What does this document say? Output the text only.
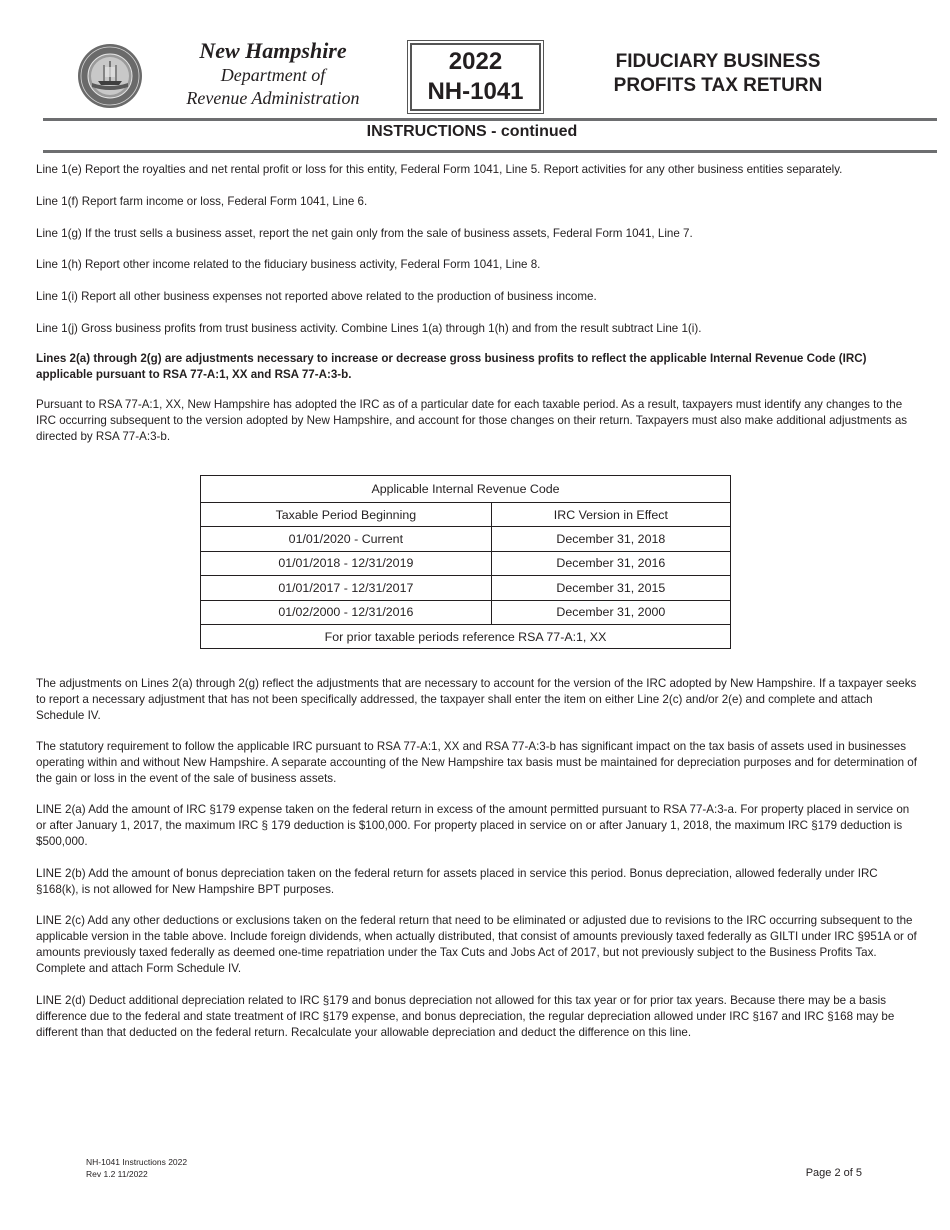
New Hampshire
Department of
Revenue Administration
2022
NH-1041
FIDUCIARY BUSINESS
PROFITS TAX RETURN
INSTRUCTIONS - continued

Line 1(e) Report the royalties and net rental profit or loss for this entity, Federal Form 1041, Line 5. Report activities for any other business entities separately.

Line 1(f) Report farm income or loss, Federal Form 1041, Line 6.

Line 1(g) If the trust sells a business asset, report the net gain only from the sale of business assets, Federal Form 1041, Line 7.

Line 1(h) Report other income related to the fiduciary business activity, Federal Form 1041, Line 8.

Line 1(i) Report all other business expenses not reported above related to the production of business income.

Line 1(j) Gross business profits from trust business activity. Combine Lines 1(a) through 1(h) and from the result subtract Line 1(i).

Lines 2(a) through 2(g) are adjustments necessary to increase or decrease gross business profits to reflect the applicable Internal Revenue Code (IRC) applicable pursuant to RSA 77-A:1, XX and RSA 77-A:3-b.

Pursuant to RSA 77-A:1, XX, New Hampshire has adopted the IRC as of a particular date for each taxable period. As a result, taxpayers must identify any changes to the IRC occurring subsequent to the version adopted by New Hampshire, and account for those changes on their return. Taxpayers must also make additional adjustments as directed by RSA 77-A:3-b.

Applicable Internal Revenue Code	
Taxable Period Beginning	IRC Version in Effect
01/01/2020 - Current	December 31, 2018
01/01/2018 - 12/31/2019	December 31, 2016
01/01/2017 - 12/31/2017	December 31, 2015
01/02/2000 - 12/31/2016	December 31, 2000
For prior taxable periods reference RSA 77-A:1, XX	

The adjustments on Lines 2(a) through 2(g) reflect the adjustments that are necessary to account for the version of the IRC adopted by New Hampshire. If a taxpayer seeks to report a necessary adjustment that has not been specifically addressed, the taxpayer shall enter the item on either Line 2(c) and/or 2(e) and complete and attach Schedule IV.

The statutory requirement to follow the applicable IRC pursuant to RSA 77-A:1, XX and RSA 77-A:3-b has significant impact on the tax basis of assets used in businesses operating within and without New Hampshire. A separate accounting of the New Hampshire tax basis must be maintained for depreciation purposes and for determination of the gain or loss in the event of the sale of business assets.

LINE 2(a) Add the amount of IRC §179 expense taken on the federal return in excess of the amount permitted pursuant to RSA 77-A:3-a. For property placed in service on or after January 1, 2017, the maximum IRC § 179 deduction is $100,000. For property placed in service on or after January 1, 2018, the maximum IRC §179 deduction is $500,000.

LINE 2(b) Add the amount of bonus depreciation taken on the federal return for assets placed in service this period. Bonus depreciation, allowed federally under IRC §168(k), is not allowed for New Hampshire BPT purposes.

LINE 2(c) Add any other deductions or exclusions taken on the federal return that need to be eliminated or adjusted due to revisions to the IRC occurring subsequent to the applicable version in the table above. Include foreign dividends, when actually distributed, that consist of amounts previously taxed federally as GILTI under IRC §951A or of amounts previously taxed federally as deemed one-time repatriation under the Tax Cuts and Jobs Act of 2017, but not previously subject to the Business Profits Tax. Complete and attach Form Schedule IV.

LINE 2(d) Deduct additional depreciation related to IRC §179 and bonus depreciation not allowed for this tax year or for prior tax years. Because there may be a basis difference due to the federal and state treatment of IRC §179 expense, and bonus depreciation, the regular depreciation allowed under IRC §167 and IRC §168 may be different than that deducted on the federal return. Recalculate your allowable depreciation and deduct the difference on this line.

NH-1041 Instructions 2022
Rev 1.2 11/2022	Page 2 of 5
